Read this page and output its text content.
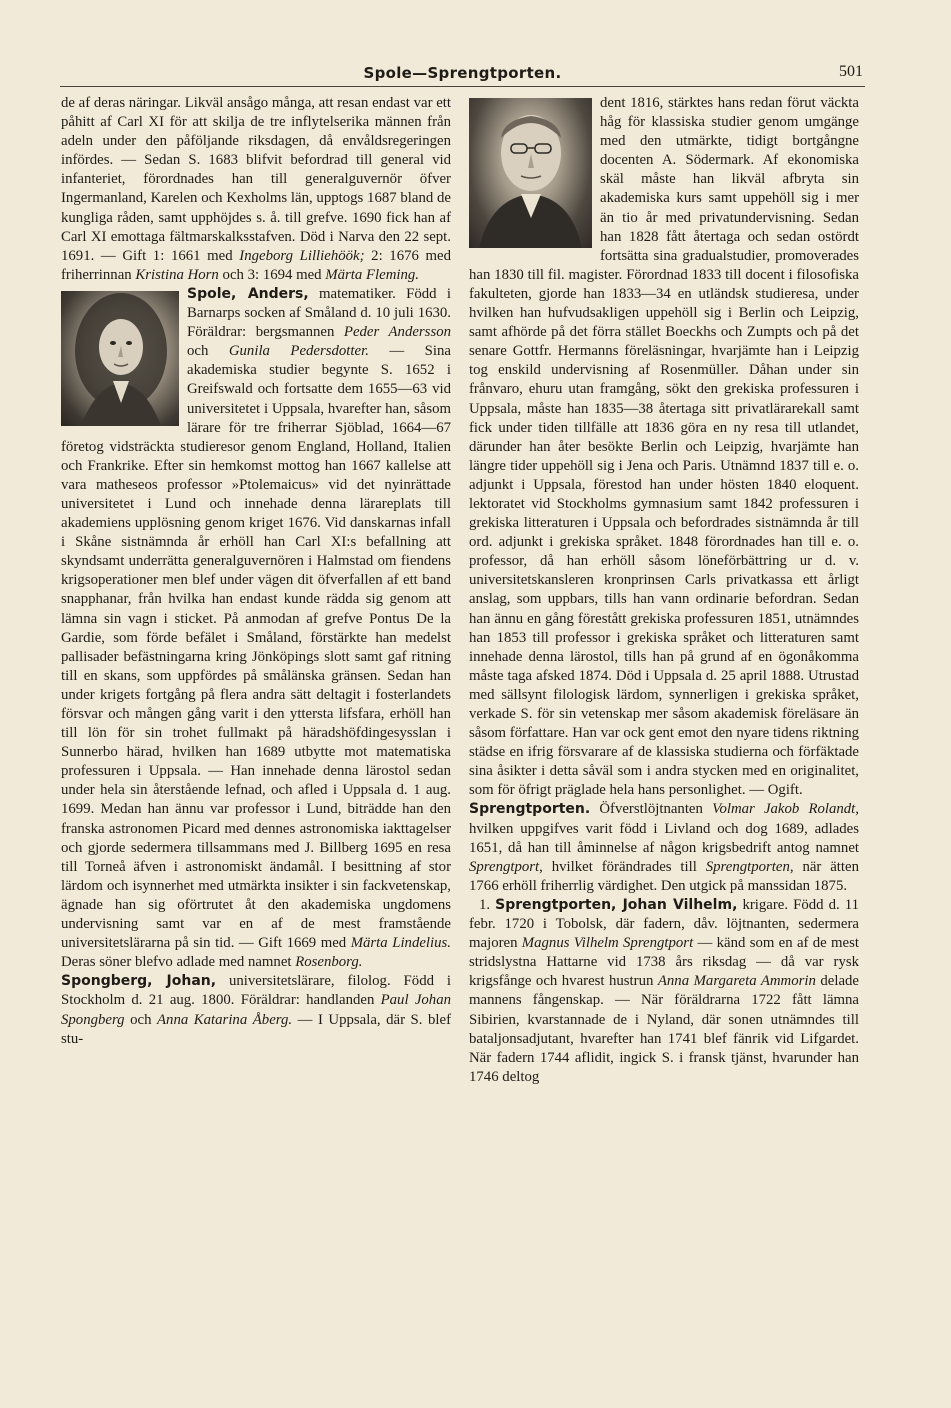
Spole—Sprengtporten.	501

de af deras näringar. Likväl ansågo många, att resan endast var ett påhitt af Carl XI för att skilja de tre inflytelserika männen från adeln under den påföljande riksdagen, då envåldsregeringen infördes. — Sedan S. 1683 blifvit befordrad till general vid infanteriet, förordnades han till generalguvernör öfver Ingermanland, Karelen och Kexholms län, upptogs 1687 bland de kungliga råden, samt upphöjdes s. å. till grefve. 1690 fick han af Carl XI emottaga fältmarskalksstafven. Död i Narva den 22 sept. 1691. — Gift 1: 1661 med Ingeborg Lilliehöök; 2: 1676 med friherrinnan Kristina Horn och 3: 1694 med Märta Fleming.

Spole, Anders, matematiker. Född i Barnarps socken af Småland d. 10 juli 1630. Föräldrar: bergsmannen Peder Andersson och Gunila Pedersdotter. — Sina akademiska studier begynte S. 1652 i Greifswald och fortsatte dem 1655—63 vid universitetet i Uppsala, hvarefter han, såsom lärare för tre friherrar Sjöblad, 1664—67 företog vidsträckta studieresor genom England, Holland, Italien och Frankrike. Efter sin hemkomst mottog han 1667 kallelse att vara matheseos professor »Ptolemaicus» vid det nyinrättade universitetet i Lund och innehade denna lärareplats till akademiens upplösning genom kriget 1676. Vid danskarnas infall i Skåne sistnämnda år erhöll han Carl XI:s befallning att skyndsamt underrätta generalguvernören i Halmstad om fiendens krigsoperationer men blef under vägen dit öfverfallen af ett band snapphanar, från hvilka han endast kunde rädda sig genom att lämna sin vagn i sticket. På anmodan af grefve Pontus De la Gardie, som förde befälet i Småland, förstärkte han medelst pallisader befästningarna kring Jönköpings slott samt gaf ritning till en skans, som uppfördes på smålänska gränsen. Sedan han under krigets fortgång på flera andra sätt deltagit i fosterlandets försvar och mången gång varit i den yttersta lifsfara, erhöll han till lön för sin trohet fullmakt på häradshöfdingesysslan i Sunnerbo härad, hvilken han 1689 utbytte mot matematiska professuren i Uppsala. — Han innehade denna lärostol sedan under hela sin återstående lefnad, och afled i Uppsala d. 1 aug. 1699. Medan han ännu var professor i Lund, biträdde han den franska astronomen Picard med dennes astronomiska iakttagelser och gjorde sedermera tillsammans med J. Billberg 1695 en resa till Torneå äfven i astronomiskt ändamål. I besittning af stor lärdom och isynnerhet med utmärkta insikter i sin fackvetenskap, ägnade han sig oförtrutet åt den akademiska ungdomens undervisning samt var en af de mest framstående universitetslärarna på sin tid. — Gift 1669 med Märta Lindelius. Deras söner blefvo adlade med namnet Rosenborg.

Spongberg, Johan, universitetslärare, filolog. Född i Stockholm d. 21 aug. 1800. Föräldrar: handlanden Paul Johan Spongberg och Anna Katarina Åberg. — I Uppsala, där S. blef stu-

dent 1816, stärktes hans redan förut väckta håg för klassiska studier genom umgänge med den utmärkte, tidigt bortgångne docenten A. Södermark. Af ekonomiska skäl måste han likväl afbryta sin akademiska kurs samt uppehöll sig i mer än tio år med privatundervisning. Sedan han 1828 fått återtaga och sedan ostördt fortsätta sina gradualstudier, promoverades han 1830 till fil. magister. Förordnad 1833 till docent i filosofiska fakulteten, gjorde han 1833—34 en utländsk studieresa, under hvilken han hufvudsakligen uppehöll sig i Berlin och Leipzig, samt afhörde på det förra stället Boeckhs och Zumpts och på det senare Gottfr. Hermanns föreläsningar, hvarjämte han i Leipzig tog enskild undervisning af Rosenmüller. Dåhan under sin frånvaro, ehuru utan framgång, sökt den grekiska professuren i Uppsala, måste han 1835—38 återtaga sitt privatlärarekall samt fick under tiden tillfälle att 1836 göra en ny resa till utlandet, därunder han åter besökte Berlin och Leipzig, hvarjämte han längre tider uppehöll sig i Jena och Paris. Utnämnd 1837 till e. o. adjunkt i Uppsala, förestod han under hösten 1840 eloquent. lektoratet vid Stockholms gymnasium samt 1842 professuren i grekiska litteraturen i Uppsala och befordrades sistnämnda år till ord. adjunkt i grekiska språket. 1848 förordnades han till e. o. professor, då han erhöll såsom löneförbättring ur d. v. universitetskansleren kronprinsen Carls privatkassa ett årligt anslag, som uppbars, tills han vann ordinarie befordran. Sedan han ännu en gång förestått grekiska professuren 1851, utnämndes han 1853 till professor i grekiska språket och litteraturen samt innehade denna lärostol, tills han på grund af en ögonåkomma måste taga afsked 1874. Död i Uppsala d. 25 april 1888. Utrustad med sällsynt filologisk lärdom, synnerligen i grekiska språket, verkade S. för sin vetenskap mer såsom akademisk föreläsare än såsom författare. Han var ock gent emot den nyare tidens riktning städse en ifrig försvarare af de klassiska studierna och förfäktade sina åsikter i detta såväl som i andra stycken med en originalitet, som för öfrigt präglade hela hans personlighet. — Ogift.

Sprengtporten. Öfverstlöjtnanten Volmar Jakob Rolandt, hvilken uppgifves varit född i Livland och dog 1689, adlades 1651, då han till åminnelse af någon krigsbedrift antog namnet Sprengtport, hvilket förändrades till Sprengtporten, när ätten 1766 erhöll friherrlig värdighet. Den utgick på manssidan 1875.

1. Sprengtporten, Johan Vilhelm, krigare. Född d. 11 febr. 1720 i Tobolsk, där fadern, dåv. löjtnanten, sedermera majoren Magnus Vilhelm Sprengtport — känd som en af de mest stridslystna Hattarne vid 1738 års riksdag — då var rysk krigsfånge och hvarest hustrun Anna Margareta Ammorin delade mannens fångenskap. — När föräldrarna 1722 fått lämna Sibirien, kvarstannade de i Nyland, där sonen utnämndes till bataljonsadjutant, hvarefter han 1741 blef fänrik vid Lifgardet. När fadern 1744 aflidit, ingick S. i fransk tjänst, hvarunder han 1746 deltog
